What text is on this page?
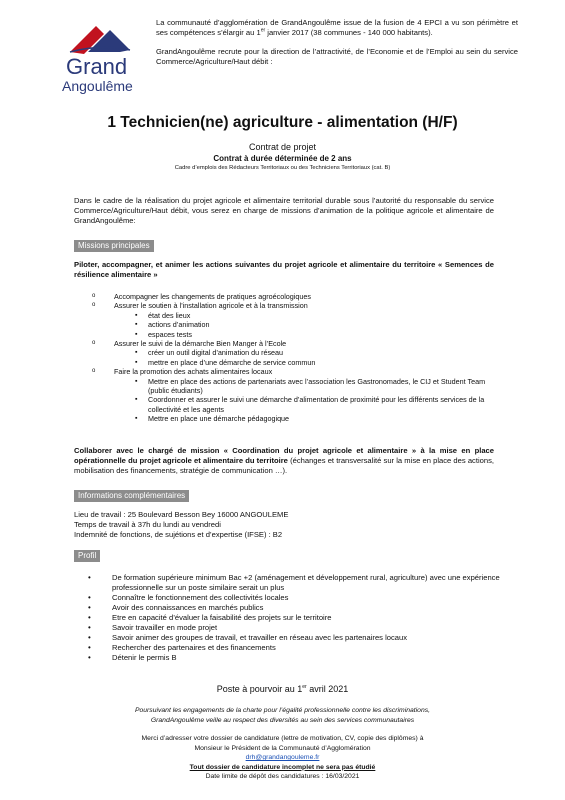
Grand
Angoulême

La communauté d’agglomération de GrandAngoulême issue de la fusion de 4 EPCI a vu son périmètre et ses compétences s’élargir au 1er janvier 2017 (38 communes - 140 000 habitants).

GrandAngoulême recrute pour la direction de l’attractivité, de l’Economie et de l’Emploi au sein du service Commerce/Agriculture/Haut débit :

1 Technicien(ne) agriculture - alimentation (H/F)
Contrat de projet
Contrat à durée déterminée de 2 ans
Cadre d’emplois des Rédacteurs Territoriaux ou des Techniciens Territoriaux (cat. B)
Dans le cadre de la réalisation du projet agricole et alimentaire territorial durable sous l’autorité du responsable du service Commerce/Agriculture/Haut débit, vous serez en charge de missions d’animation de la politique agricole et alimentaire de GrandAngoulême:
Missions principales
Piloter, accompagner, et animer les actions suivantes du projet agricole et alimentaire du territoire « Semences de résilience alimentaire »
o Accompagner les changements de pratiques agroécologiques
o Assurer le soutien à l’installation agricole et à la transmission
▪ état des lieux
▪ actions d’animation
▪ espaces tests
o Assurer le suivi de la démarche Bien Manger à l’Ecole
▪ créer un outil digital d’animation du réseau
▪ mettre en place d’une démarche de service commun
o Faire la promotion des achats alimentaires locaux
▪ Mettre en place des actions de partenariats avec l’association les Gastronomades, le CIJ et Student Team (public étudiants)
▪ Coordonner et assurer le suivi une démarche d’alimentation de proximité pour les différents services de la collectivité et les agents
▪ Mettre en place une démarche pédagogique
Collaborer avec le chargé de mission « Coordination du projet agricole et alimentaire » à la mise en place opérationnelle du projet agricole et alimentaire du territoire (échanges et transversalité sur la mise en place des actions, mobilisation des financements, stratégie de communication …).
Informations complémentaires
Lieu de travail : 25 Boulevard Besson Bey 16000 ANGOULEME
Temps de travail à 37h du lundi au vendredi
Indemnité de fonctions, de sujétions et d’expertise (IFSE) : B2
Profil
• De formation supérieure minimum Bac +2 (aménagement et développement rural, agriculture) avec une expérience professionnelle sur un poste similaire serait un plus
• Connaître le fonctionnement des collectivités locales
• Avoir des connaissances en marchés publics
• Etre en capacité d’évaluer la faisabilité des projets sur le territoire
• Savoir travailler en mode projet
• Savoir animer des groupes de travail, et travailler en réseau avec les partenaires locaux
• Rechercher des partenaires et des financements
• Détenir le permis B
Poste à pourvoir au 1er avril 2021
Poursuivant les engagements de la charte pour l’égalité professionnelle contre les discriminations,
GrandAngoulême veille au respect des diversités au sein des services communautaires
Merci d’adresser votre dossier de candidature (lettre de motivation, CV, copie des diplômes) à
Monsieur le Président de la Communauté d’Agglomération
drh@grandangouleme.fr
Tout dossier de candidature incomplet ne sera pas étudié
Date limite de dépôt des candidatures : 16/03/2021
